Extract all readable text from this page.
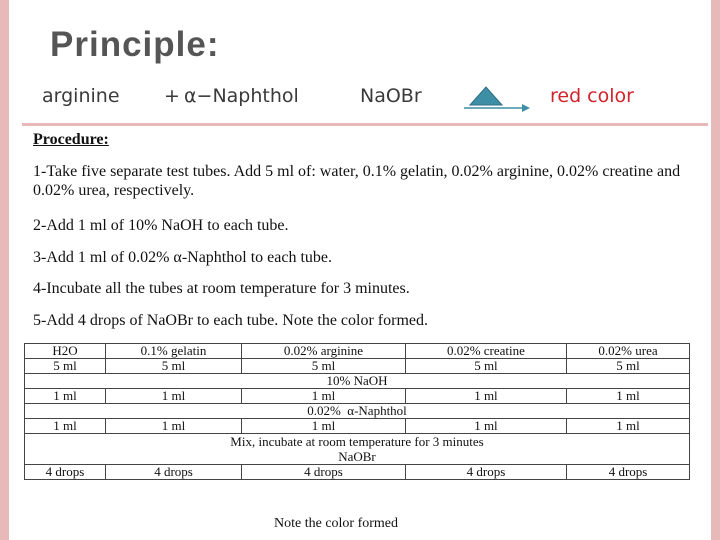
Principle:
arginine + α−Naphthol	NaOBr	red color
Procedure:
1-Take five separate test tubes. Add 5 ml of: water, 0.1% gelatin, 0.02% arginine, 0.02% creatine and 0.02% urea, respectively.
2-Add 1 ml of 10% NaOH to each tube.
3-Add 1 ml of 0.02% α-Naphthol to each tube.
4-Incubate all the tubes at room temperature for 3 minutes.
5-Add 4 drops of NaOBr to each tube. Note the color formed.
H2O	0.1% gelatin	0.02% arginine	0.02% creatine	0.02% urea
5 ml	5 ml	5 ml	5 ml	5 ml
10% NaOH				
1 ml	1 ml	1 ml	1 ml	1 ml
0.02%  α-Naphthol				
1 ml	1 ml	1 ml	1 ml	1 ml

Mix, incubate at room temperature for 3 minutes
NaOBr				

4 drops	4 drops	4 drops	4 drops	4 drops
Note the color formed
